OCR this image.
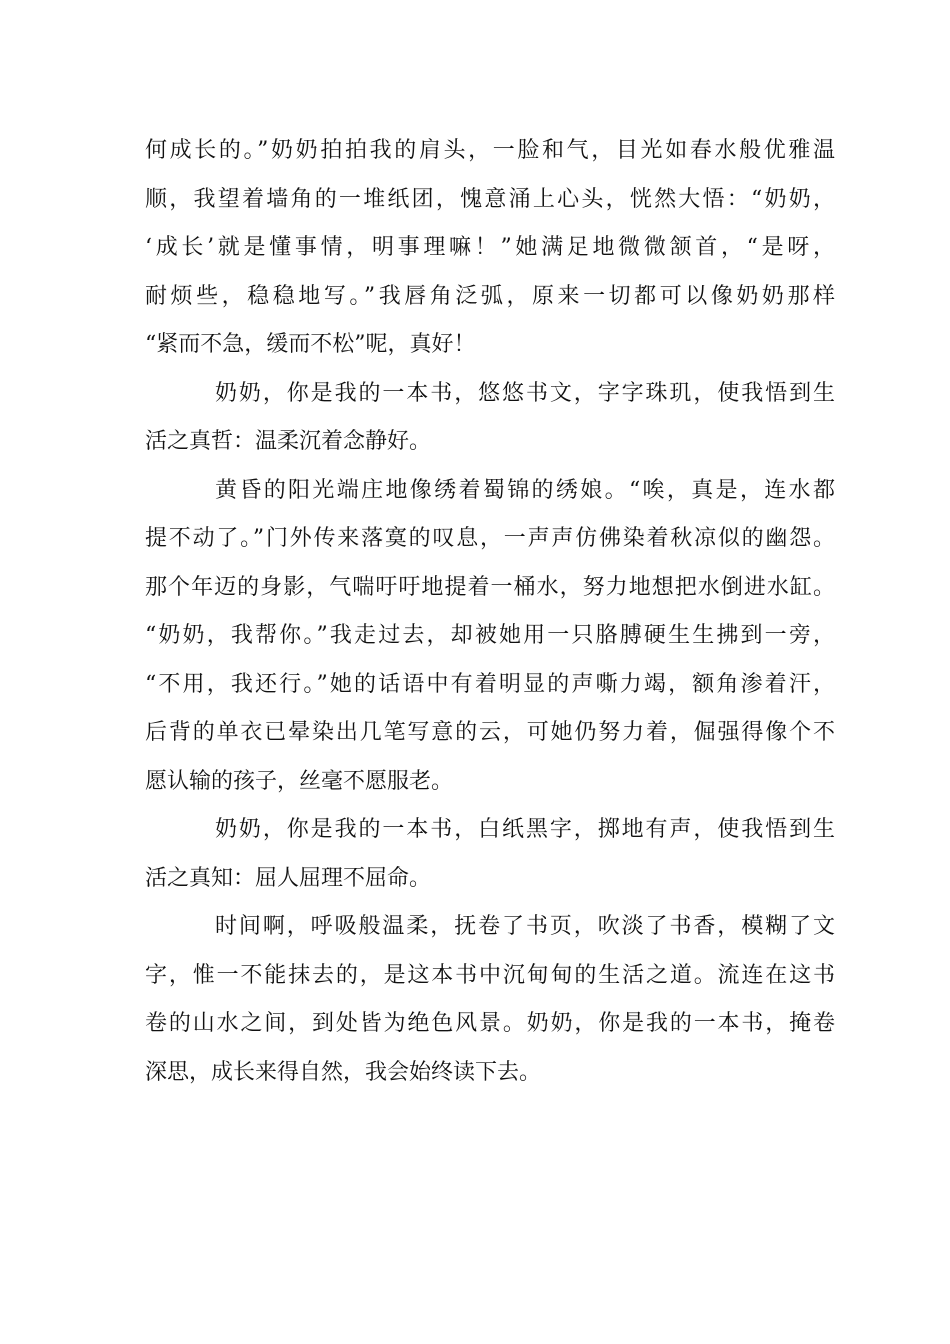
何成长的。”奶奶拍拍我的肩头，一脸和气，目光如春水般优雅温
顺，我望着墙角的一堆纸团，愧意涌上心头，恍然大悟：“奶奶，
‘成长’就是懂事情，明事理嘛！”她满足地微微颔首，“是呀，
耐烦些，稳稳地写。”我唇角泛弧，原来一切都可以像奶奶那样
“紧而不急，缓而不松”呢，真好！
奶奶，你是我的一本书，悠悠书文，字字珠玑，使我悟到生
活之真哲：温柔沉着念静好。
黄昏的阳光端庄地像绣着蜀锦的绣娘。“唉，真是，连水都
提不动了。”门外传来落寞的叹息，一声声仿佛染着秋凉似的幽怨。
那个年迈的身影，气喘吁吁地提着一桶水，努力地想把水倒进水缸。
“奶奶，我帮你。”我走过去，却被她用一只胳膊硬生生拂到一旁，
“不用，我还行。”她的话语中有着明显的声嘶力竭，额角渗着汗，
后背的单衣已晕染出几笔写意的云，可她仍努力着，倔强得像个不
愿认输的孩子，丝毫不愿服老。
奶奶，你是我的一本书，白纸黑字，掷地有声，使我悟到生
活之真知：屈人屈理不屈命。
时间啊，呼吸般温柔，抚卷了书页，吹淡了书香，模糊了文
字，惟一不能抹去的，是这本书中沉甸甸的生活之道。流连在这书
卷的山水之间，到处皆为绝色风景。奶奶，你是我的一本书，掩卷
深思，成长来得自然，我会始终读下去。
